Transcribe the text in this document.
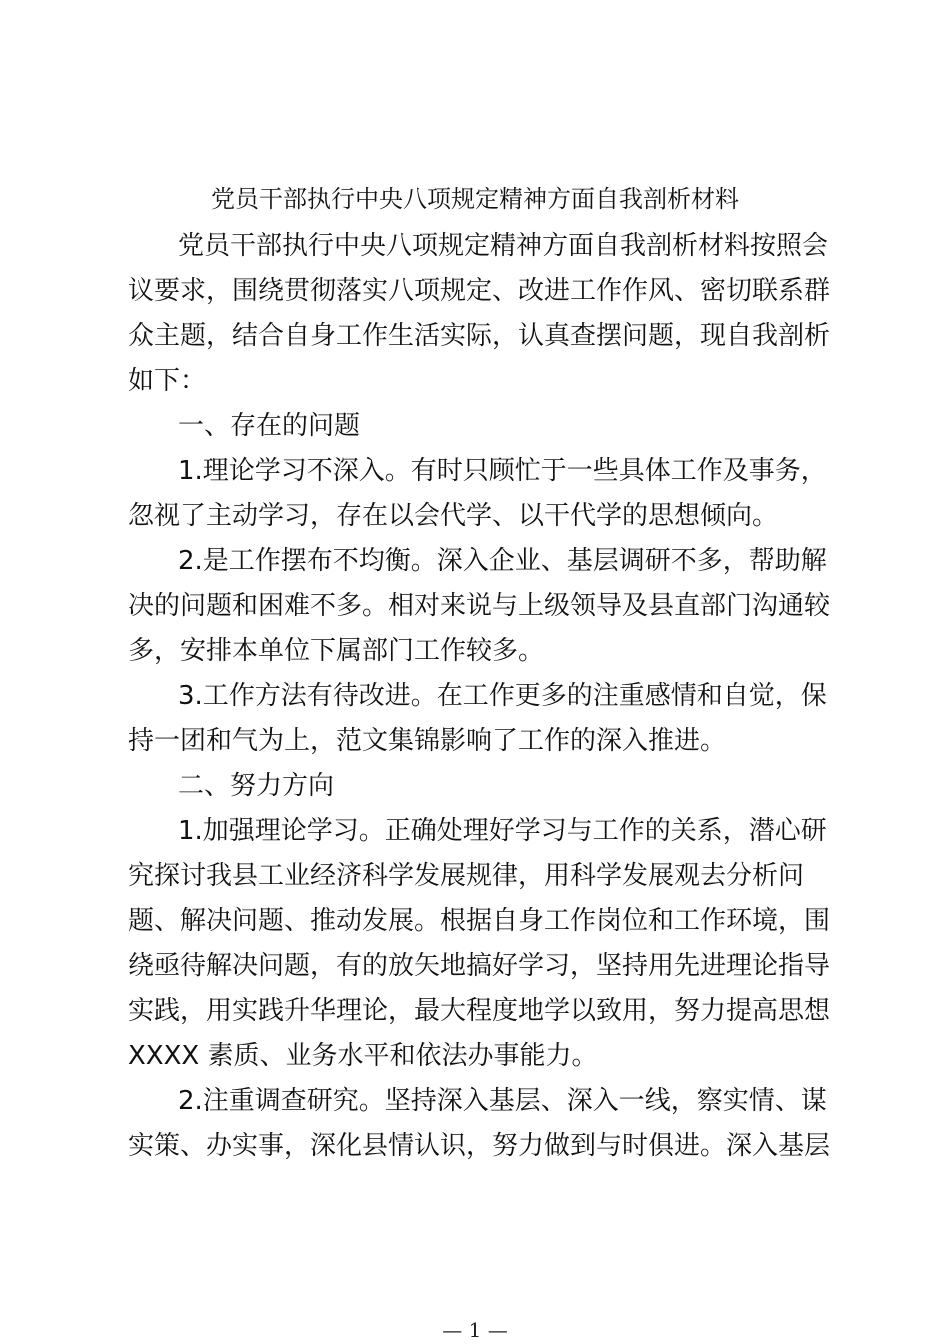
党员干部执行中央八项规定精神方面自我剖析材料

党员干部执行中央八项规定精神方面自我剖析材料按照会

议要求，围绕贯彻落实八项规定、改进工作作风、密切联系群

众主题，结合自身工作生活实际，认真查摆问题，现自我剖析

如下：

一、存在的问题

1.理论学习不深入。有时只顾忙于一些具体工作及事务，

忽视了主动学习，存在以会代学、以干代学的思想倾向。

2.是工作摆布不均衡。深入企业、基层调研不多，帮助解

决的问题和困难不多。相对来说与上级领导及县直部门沟通较

多，安排本单位下属部门工作较多。

3.工作方法有待改进。在工作更多的注重感情和自觉，保

持一团和气为上，范文集锦影响了工作的深入推进。

二、努力方向

1.加强理论学习。正确处理好学习与工作的关系，潜心研

究探讨我县工业经济科学发展规律，用科学发展观去分析问

题、解决问题、推动发展。根据自身工作岗位和工作环境，围

绕亟待解决问题，有的放矢地搞好学习，坚持用先进理论指导

实践，用实践升华理论，最大程度地学以致用，努力提高思想

XXXX 素质、业务水平和依法办事能力。

2.注重调查研究。坚持深入基层、深入一线，察实情、谋

实策、办实事，深化县情认识，努力做到与时俱进。深入基层

— 1 —
